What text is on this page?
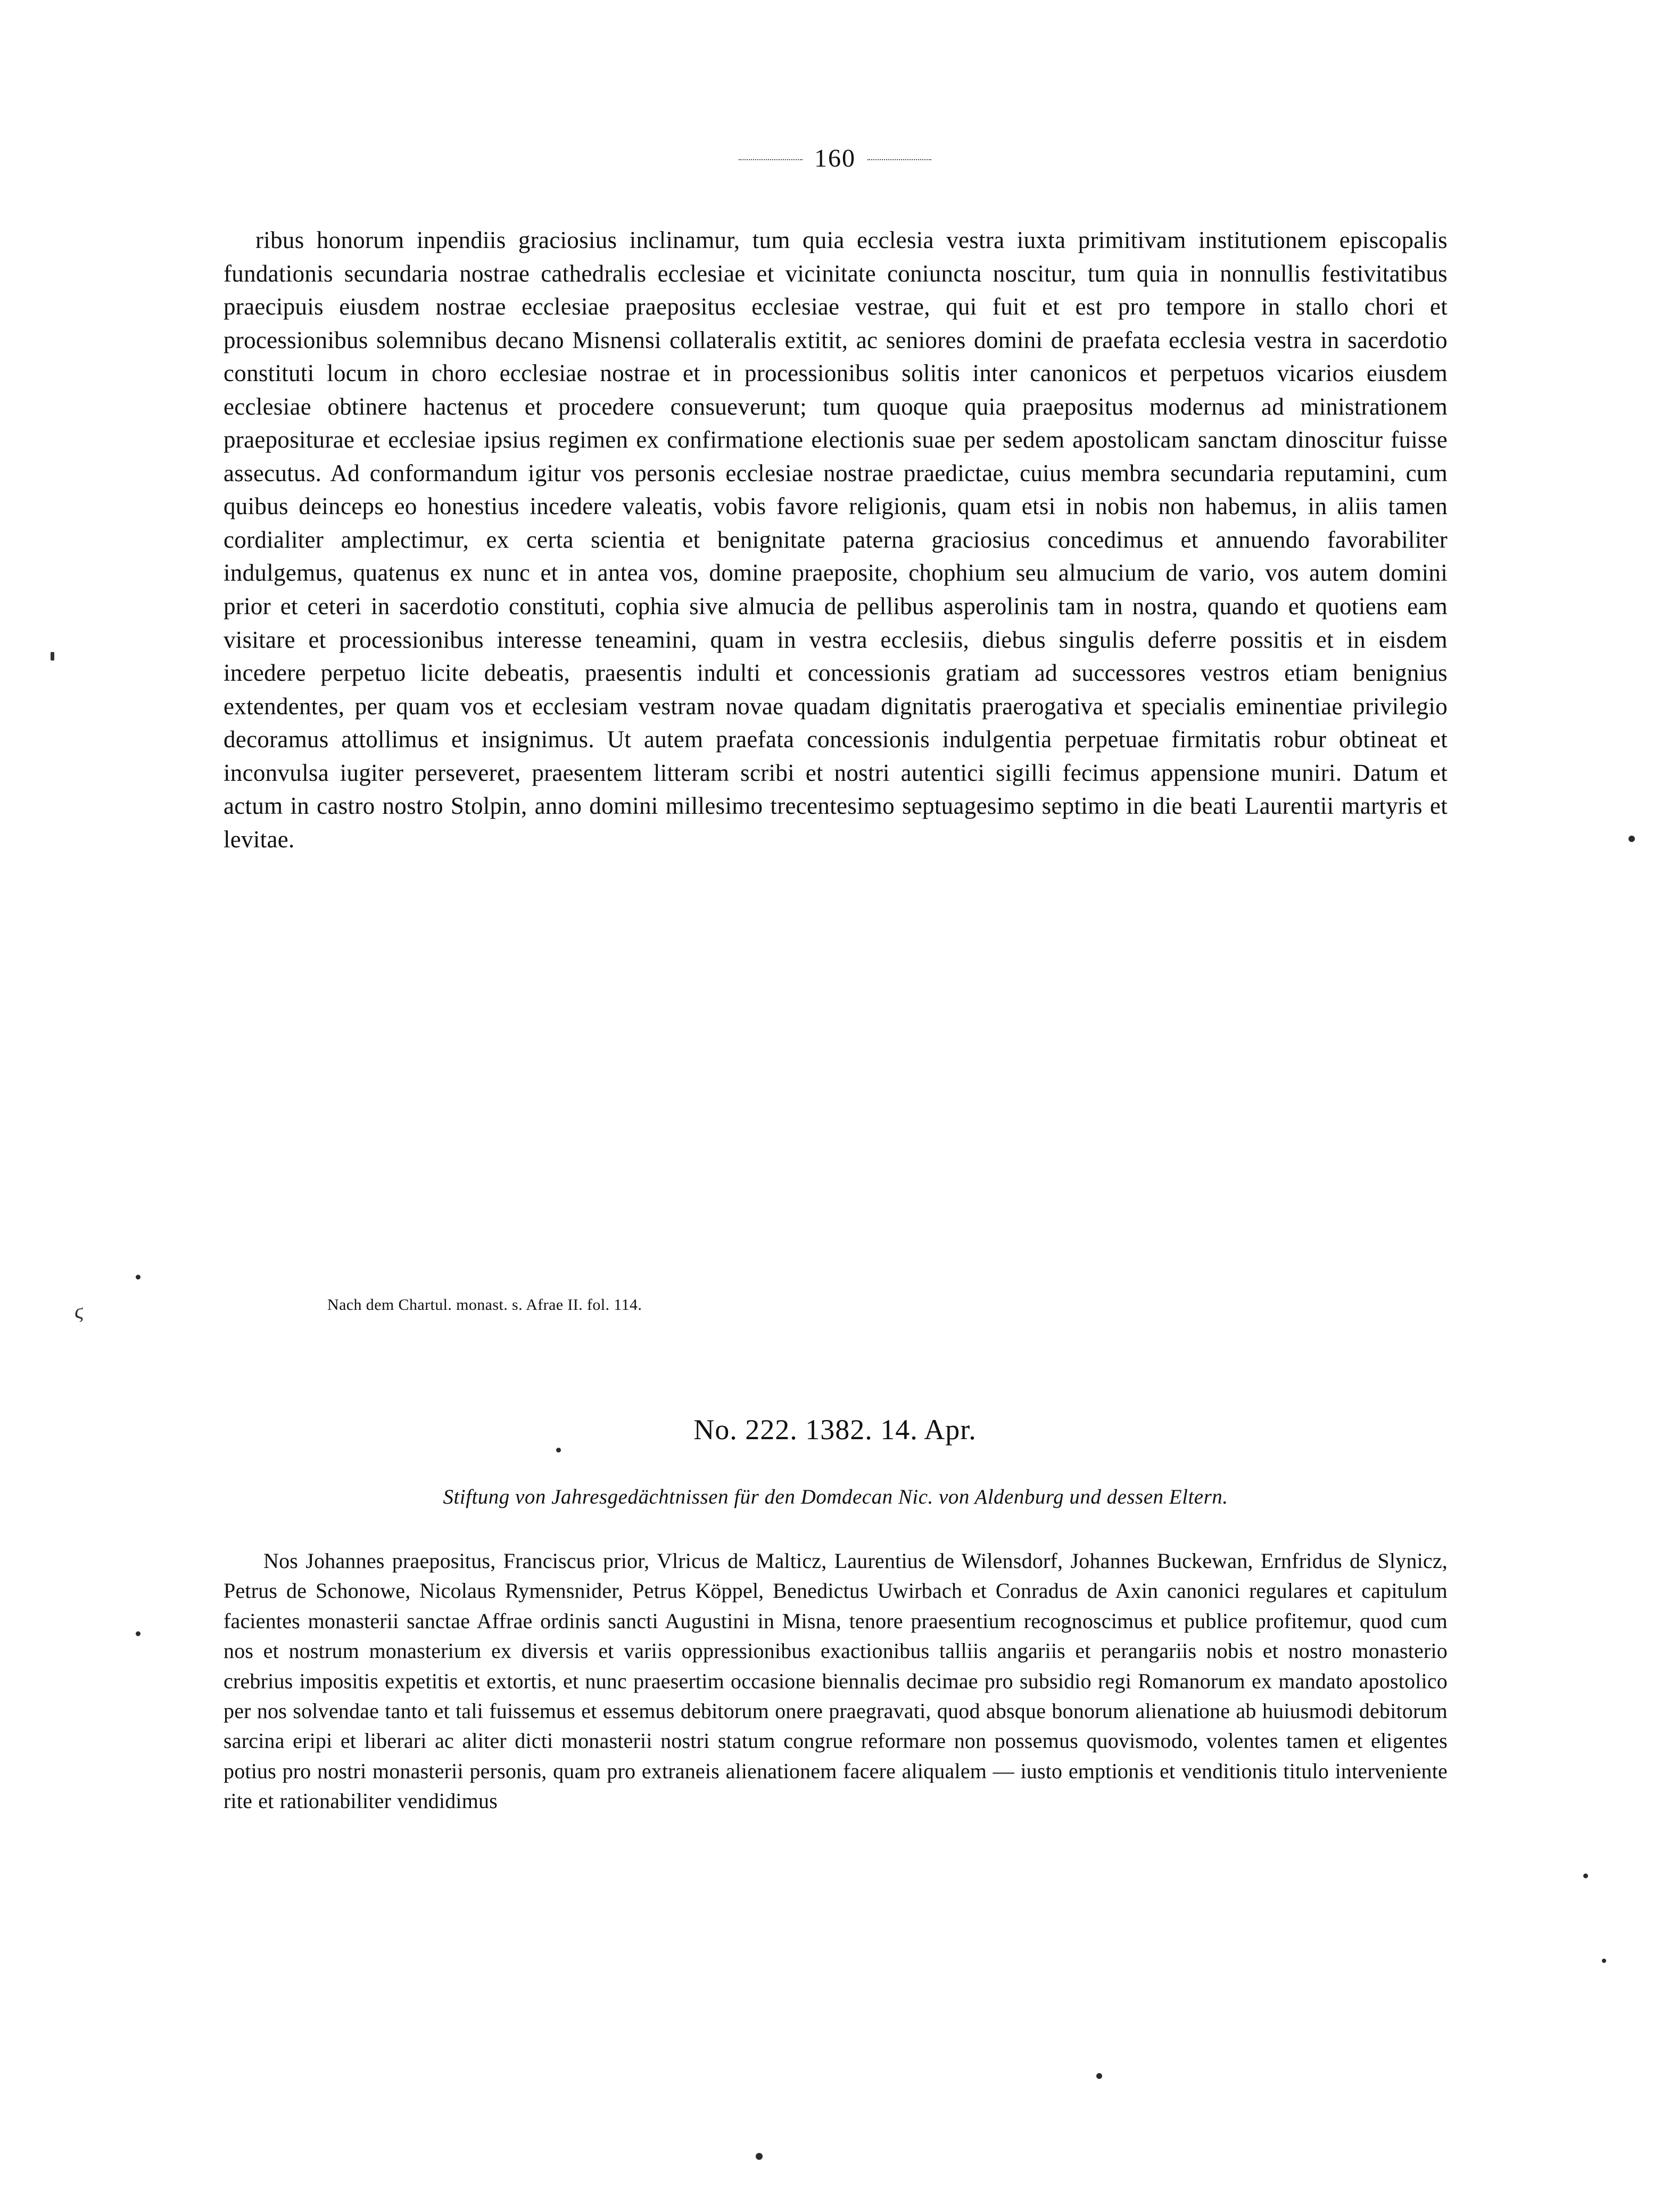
160

ribus honorum inpendiis graciosius inclinamur, tum quia ecclesia vestra iuxta primitivam institutionem episcopalis fundationis secundaria nostrae cathedralis ecclesiae et vicinitate coniuncta noscitur, tum quia in nonnullis festivitatibus praecipuis eiusdem nostrae ecclesiae praepositus ecclesiae vestrae, qui fuit et est pro tempore in stallo chori et processionibus solemnibus decano Misnensi collateralis extitit, ac seniores domini de praefata ecclesia vestra in sacerdotio constituti locum in choro ecclesiae nostrae et in processionibus solitis inter canonicos et perpetuos vicarios eiusdem ecclesiae obtinere hactenus et procedere consueverunt; tum quoque quia praepositus modernus ad ministrationem praepositurae et ecclesiae ipsius regimen ex confirmatione electionis suae per sedem apostolicam sanctam dinoscitur fuisse assecutus. Ad conformandum igitur vos personis ecclesiae nostrae praedictae, cuius membra secundaria reputamini, cum quibus deinceps eo honestius incedere valeatis, vobis favore religionis, quam etsi in nobis non habemus, in aliis tamen cordialiter amplectimur, ex certa scientia et benignitate paterna graciosius concedimus et annuendo favorabiliter indulgemus, quatenus ex nunc et in antea vos, domine praeposite, chophium seu almucium de vario, vos autem domini prior et ceteri in sacerdotio constituti, cophia sive almucia de pellibus asperolinis tam in nostra, quando et quotiens eam visitare et processionibus interesse teneamini, quam in vestra ecclesiis, diebus singulis deferre possitis et in eisdem incedere perpetuo licite debeatis, praesentis indulti et concessionis gratiam ad successores vestros etiam benignius extendentes, per quam vos et ecclesiam vestram novae quadam dignitatis praerogativa et specialis eminentiae privilegio decoramus attollimus et insignimus. Ut autem praefata concessionis indulgentia perpetuae firmitatis robur obtineat et inconvulsa iugiter perseveret, praesentem litteram scribi et nostri autentici sigilli fecimus appensione muniri. Datum et actum in castro nostro Stolpin, anno domini millesimo trecentesimo septuagesimo septimo in die beati Laurentii martyris et levitae.

Nach dem Chartul. monast. s. Afrae II. fol. 114.
No. 222. 1382. 14. Apr.
Stiftung von Jahresgedächtnissen für den Domdecan Nic. von Aldenburg und dessen Eltern.

Nos Johannes praepositus, Franciscus prior, Vlricus de Malticz, Laurentius de Wilensdorf, Johannes Buckewan, Ernfridus de Slynicz, Petrus de Schonowe, Nicolaus Rymensnider, Petrus Köppel, Benedictus Uwirbach et Conradus de Axin canonici regulares et capitulum facientes monasterii sanctae Affrae ordinis sancti Augustini in Misna, tenore praesentium recognoscimus et publice profitemur, quod cum nos et nostrum monasterium ex diversis et variis oppressionibus exactionibus talliis angariis et perangariis nobis et nostro monasterio crebrius impositis expetitis et extortis, et nunc praesertim occasione biennalis decimae pro subsidio regi Romanorum ex mandato apostolico per nos solvendae tanto et tali fuissemus et essemus debitorum onere praegravati, quod absque bonorum alienatione ab huiusmodi debitorum sarcina eripi et liberari ac aliter dicti monasterii nostri statum congrue reformare non possemus quovismodo, volentes tamen et eligentes potius pro nostri monasterii personis, quam pro extraneis alienationem facere aliqualem — iusto emptionis et venditionis titulo interveniente rite et rationabiliter vendidimus

ϛ
